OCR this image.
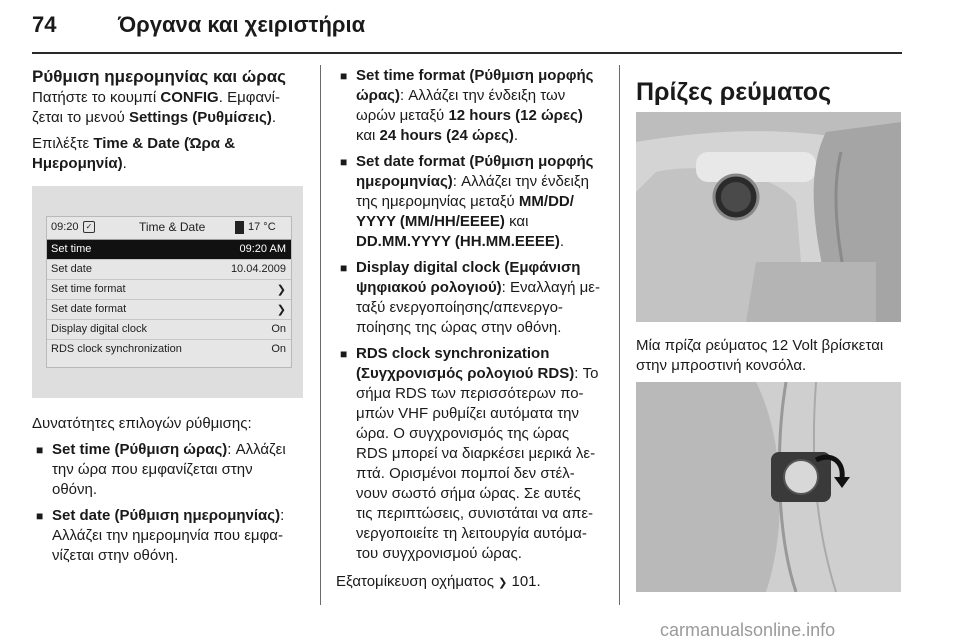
74	Όργανα και χειριστήρια

Ρύθμιση ημερομηνίας και ώρας

Πατήστε το κουμπί CONFIG. Εμφανί-
ζεται το μενού Settings (Ρυθμίσεις).

Επιλέξτε Time & Date (Ώρα &
Ημερομηνία).

09:20 ✓	Time & Date	17 °C
Set time	09:20 AM
Set date	10.04.2009
Set time format	❯
Set date format	❯
Display digital clock	On
RDS clock synchronization	On

Δυνατότητες επιλογών ρύθμισης:

■ Set time (Ρύθμιση ώρας): Αλλάζει
την ώρα που εμφανίζεται στην
οθόνη.
■ Set date (Ρύθμιση ημερομηνίας):
Αλλάζει την ημερομηνία που εμφα-
νίζεται στην οθόνη.
■ Set time format (Ρύθμιση μορφής
ώρας): Αλλάζει την ένδειξη των
ωρών μεταξύ 12 hours (12 ώρες)
και 24 hours (24 ώρες).
■ Set date format (Ρύθμιση μορφής
ημερομηνίας): Αλλάζει την ένδειξη
της ημερομηνίας μεταξύ MM/DD/
YYYY (MM/HH/EEEE) και
DD.MM.YYYY (HH.MM.EEEE).
■ Display digital clock (Εμφάνιση
ψηφιακού ρολογιού): Εναλλαγή με-
ταξύ ενεργοποίησης/απενεργο-
ποίησης της ώρας στην οθόνη.
■ RDS clock synchronization
(Συγχρονισμός ρολογιού RDS): Το
σήμα RDS των περισσότερων πο-
μπών VHF ρυθμίζει αυτόματα την
ώρα. Ο συγχρονισμός της ώρας
RDS μπορεί να διαρκέσει μερικά λε-
πτά. Ορισμένοι πομποί δεν στέλ-
νουν σωστό σήμα ώρας. Σε αυτές
τις περιπτώσεις, συνιστάται να απε-
νεργοποιείτε τη λειτουργία αυτόμα-
του συγχρονισμού ώρας.

Εξατομίκευση οχήματος ❯ 101.

Πρίζες ρεύματος
Μία πρίζα ρεύματος 12 Volt βρίσκεται
στην μπροστινή κονσόλα.
carmanualsonline.info
